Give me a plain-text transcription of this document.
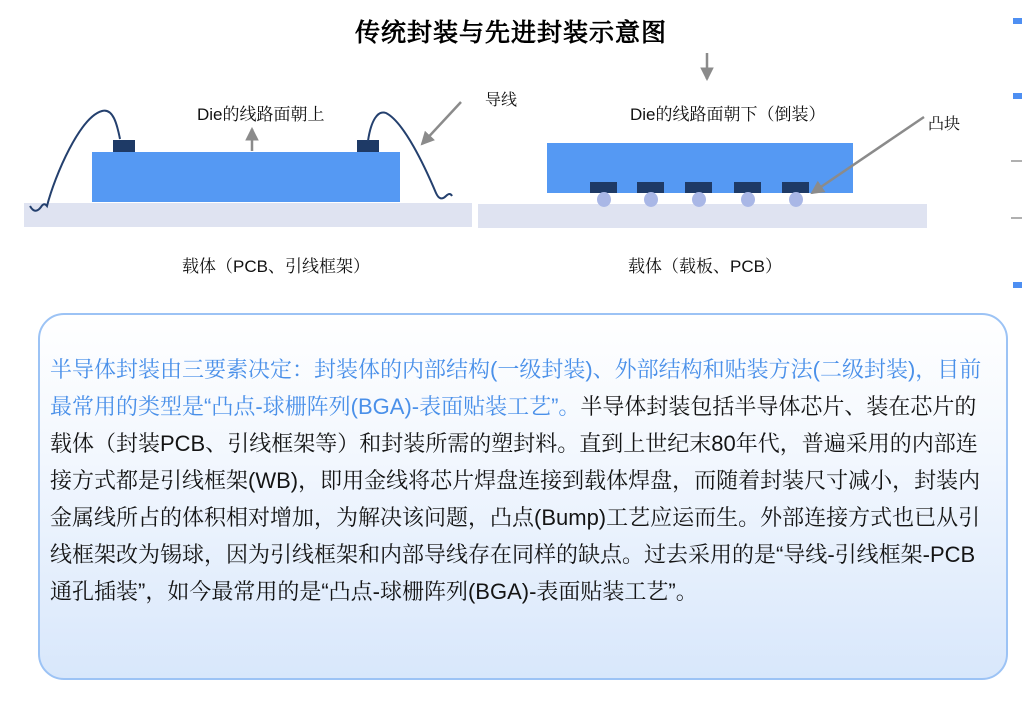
传统封装与先进封装示意图
Die的线路面朝上
导线
载体（PCB、引线框架）
Die的线路面朝下（倒装）
凸块
载体（载板、PCB）
半导体封装由三要素决定：封装体的内部结构(一级封装)、外部结构和贴装方法(二级封装)，目前最常用的类型是“凸点-球栅阵列(BGA)-表面贴装工艺”。半导体封装包括半导体芯片、装在芯片的载体（封装PCB、引线框架等）和封装所需的塑封料。直到上世纪末80年代，普遍采用的内部连接方式都是引线框架(WB)，即用金线将芯片焊盘连接到载体焊盘，而随着封装尺寸减小，封装内金属线所占的体积相对增加，为解决该问题，凸点(Bump)工艺应运而生。外部连接方式也已从引线框架改为锡球，因为引线框架和内部导线存在同样的缺点。过去采用的是“导线-引线框架-PCB通孔插装”，如今最常用的是“凸点-球栅阵列(BGA)-表面贴装工艺”。
